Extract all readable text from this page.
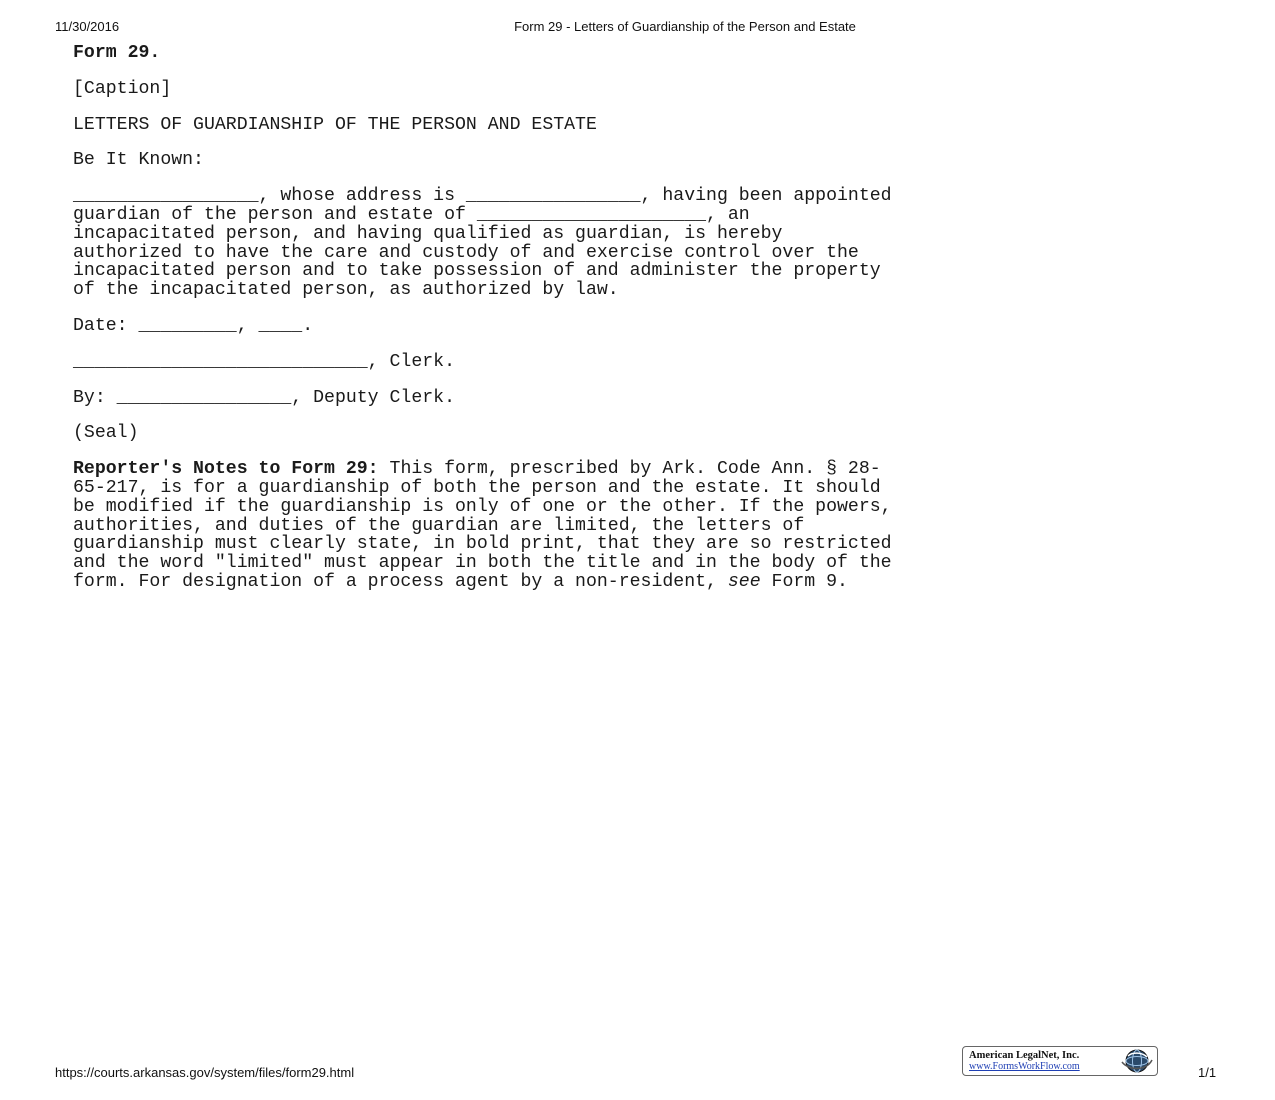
11/30/2016	Form 29 - Letters of Guardianship of the Person and Estate

Form 29.

[Caption]

LETTERS OF GUARDIANSHIP OF THE PERSON AND ESTATE

Be It Known:

_________________, whose address is ________________, having been appointed
guardian of the person and estate of _____________________, an
incapacitated person, and having qualified as guardian, is hereby
authorized to have the care and custody of and exercise control over the
incapacitated person and to take possession of and administer the property
of the incapacitated person, as authorized by law.

Date: _________, ____.

___________________________, Clerk.

By: ________________, Deputy Clerk.

(Seal)

Reporter's Notes to Form 29: This form, prescribed by Ark. Code Ann. § 28-
65-217, is for a guardianship of both the person and the estate. It should
be modified if the guardianship is only of one or the other. If the powers,
authorities, and duties of the guardian are limited, the letters of
guardianship must clearly state, in bold print, that they are so restricted
and the word "limited" must appear in both the title and in the body of the
form. For designation of a process agent by a non-resident, see Form 9.

American LegalNet, Inc.
www.FormsWorkFlow.com
https://courts.arkansas.gov/system/files/form29.html	1/1
